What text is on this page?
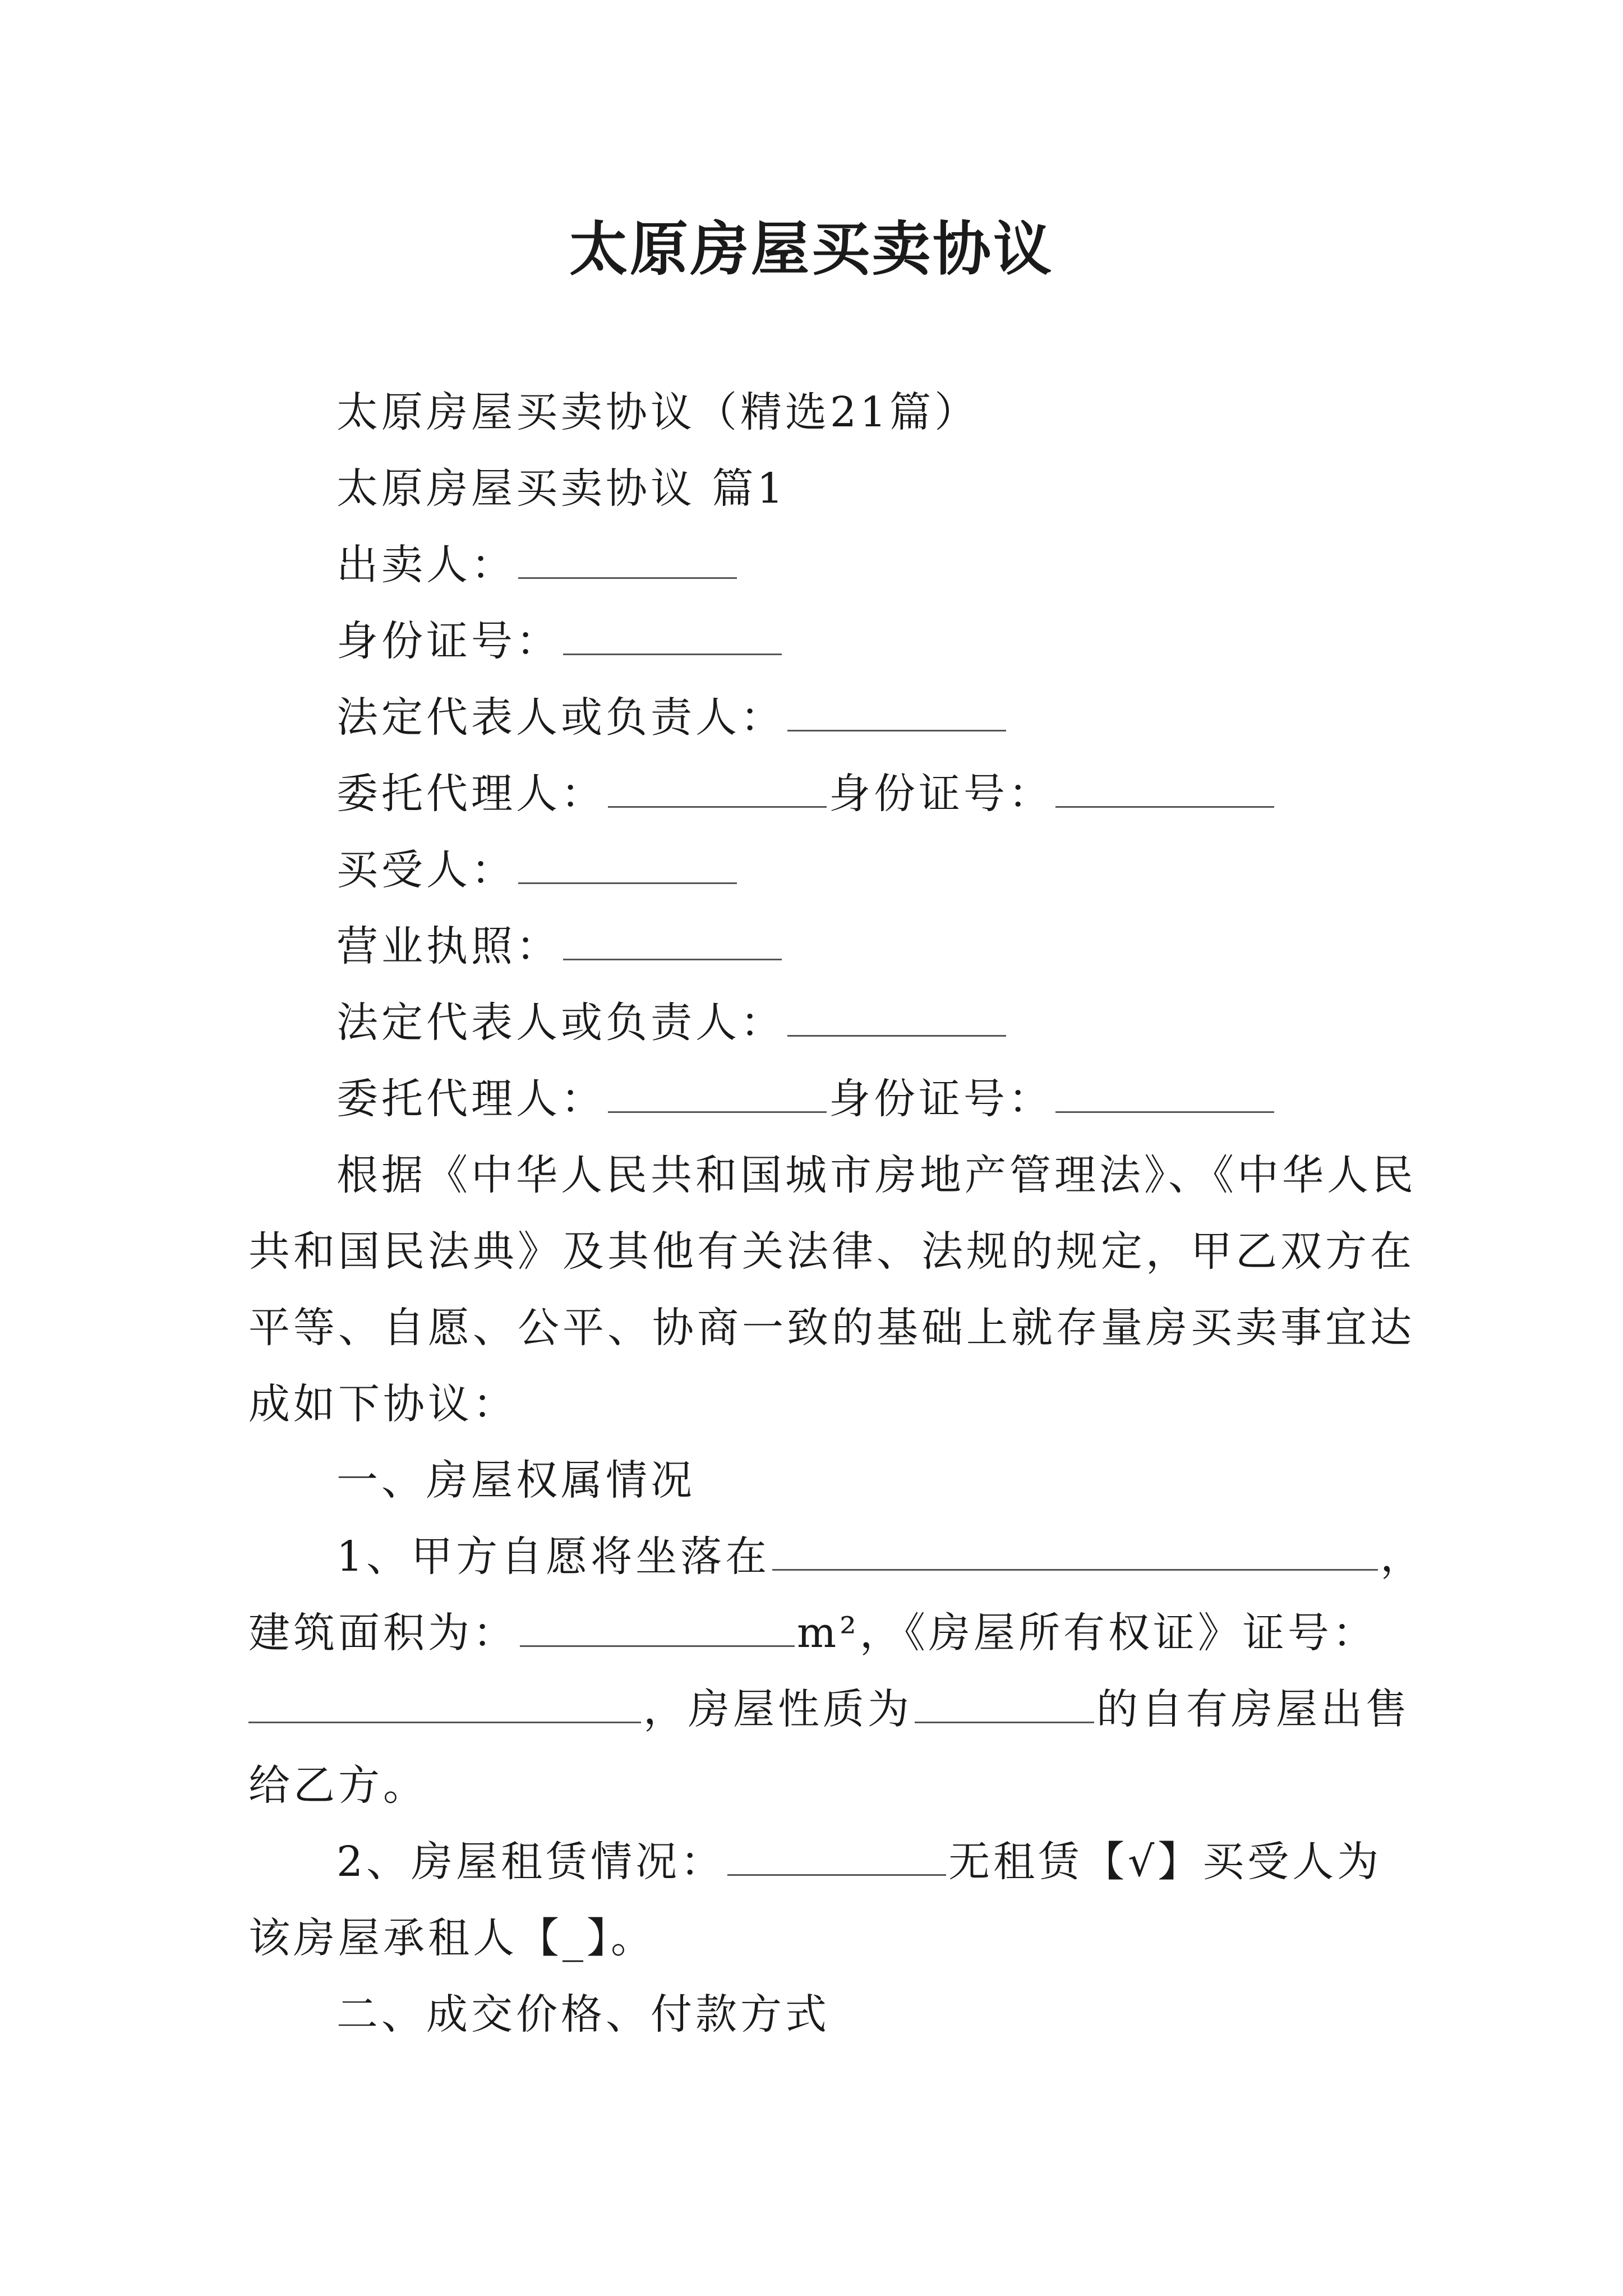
太原房屋买卖协议
太原房屋买卖协议（精选21篇）
太原房屋买卖协议 篇1
出卖人：
身份证号：
法定代表人或负责人：
委托代理人：	身份证号：
买受人：
营业执照：
法定代表人或负责人：
委托代理人：	身份证号：
根据《中华人民共和国城市房地产管理法》、《中华人民
共和国民法典》及其他有关法律、法规的规定，甲乙双方在
平等、自愿、公平、协商一致的基础上就存量房买卖事宜达
成如下协议：
一、房屋权属情况
1、甲方自愿将坐落在	，
建筑面积为：	m²，《房屋所有权证》证号：
，房屋性质为	的自有房屋出售
给乙方。
2、房屋租赁情况：	无租赁【√】买受人为
该房屋承租人【_】。
二、成交价格、付款方式
